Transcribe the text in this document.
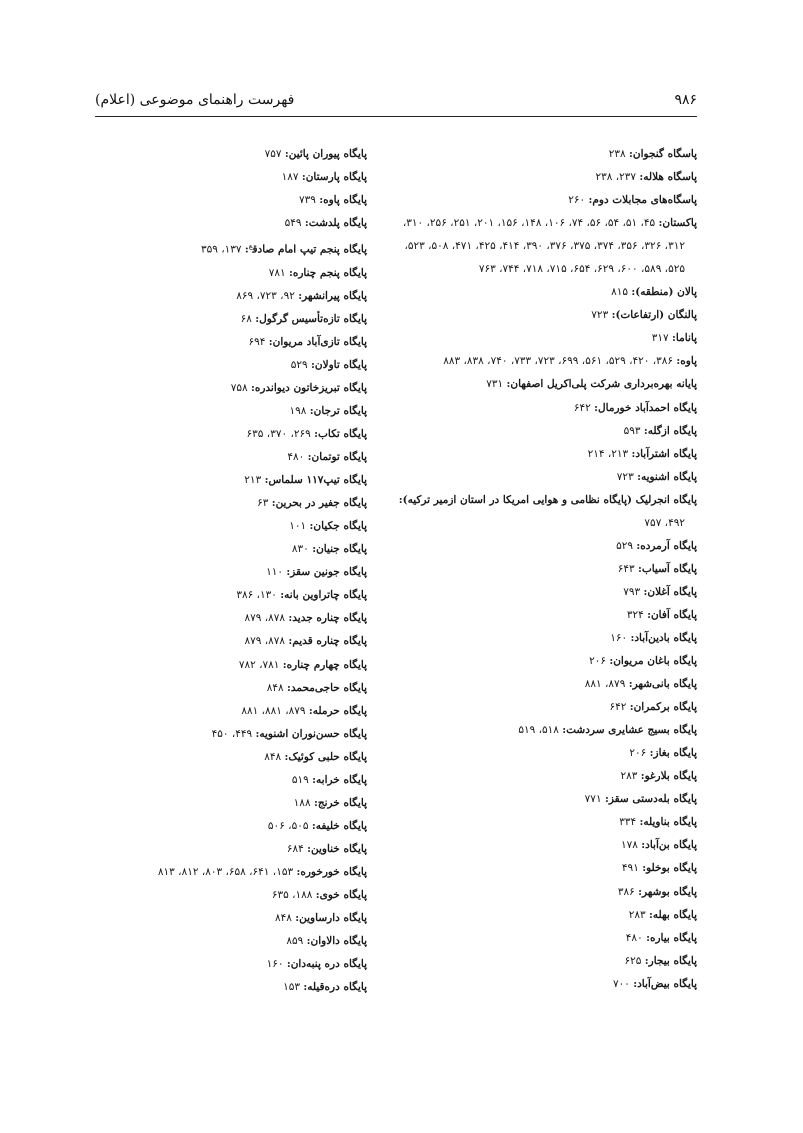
۹۸۶
فهرست راهنمای موضوعی (اعلام)
پاسگاه گنجوان: ۲۳۸
پاسگاه هلاله: ۲۳۷، ۲۳۸
پاسگاه‌های مجابلات دوم: ۲۶۰
پاکستان: ۴۵، ۵۱، ۵۴، ۵۶، ۷۴، ۱۰۶، ۱۴۸، ۱۵۶، ۲۰۱، ۲۵۱، ۲۵۶، ۳۱۰،
۳۱۲، ۳۲۶، ۳۵۶، ۳۷۴، ۳۷۵، ۳۷۶، ۳۹۰، ۴۱۴، ۴۲۵، ۴۷۱، ۵۰۸، ۵۲۳،
۵۲۵، ۵۸۹، ۶۰۰، ۶۲۹، ۶۵۴، ۷۱۵، ۷۱۸، ۷۴۴، ۷۶۳
پالان (منطقه): ۸۱۵
پالنگان (ارتفاعات): ۷۲۳
پاناما: ۳۱۷
پاوه: ۳۸۶، ۴۲۰، ۵۲۹، ۵۶۱، ۶۹۹، ۷۲۳، ۷۳۳، ۷۴۰، ۸۳۸، ۸۸۳
پایانه بهره‌برداری شرکت پلی‌اکریل اصفهان: ۷۳۱
پایگاه احمدآباد خورمال: ۶۴۲
پایگاه ازگله: ۵۹۳
پایگاه اشترآباد: ۲۱۳، ۲۱۴
پایگاه اشنویه: ۷۲۳
پایگاه انجرلیک (پایگاه نظامی و هوایی امریکا در استان ازمیر ترکیه):
۴۹۲، ۷۵۷
پایگاه آرمرده: ۵۲۹
پایگاه آسیاب: ۶۴۳
پایگاه آغلان: ۷۹۳
پایگاه آفان: ۳۲۴
پایگاه بادین‌آباد: ۱۶۰
پایگاه باغان مریوان: ۲۰۶
پایگاه بانی‌شهر: ۸۷۹، ۸۸۱
پایگاه برکمران: ۶۴۲
پایگاه بسیج عشایری سردشت: ۵۱۸، ۵۱۹
پایگاه بغاز: ۲۰۶
پایگاه بلارغو: ۲۸۳
پایگاه بله‌دستی سقز: ۷۷۱
پایگاه بناویله: ۳۳۴
پایگاه بن‌آباد: ۱۷۸
پایگاه بوخلو: ۴۹۱
پایگاه بوشهر: ۳۸۶
پایگاه بهله: ۲۸۳
پایگاه بیاره: ۴۸۰
پایگاه بیجار: ۶۲۵
پایگاه بیض‌آباد: ۷۰۰
پایگاه پیوران پائین: ۷۵۷
پایگاه پارستان: ۱۸۷
پایگاه پاوه: ۷۳۹
پایگاه پلدشت: ۵۴۹
پایگاه پنجم تیپ امام صادق$^ع$: ۱۳۷، ۳۵۹
پایگاه پنجم چناره: ۷۸۱
پایگاه پیرانشهر: ۹۲، ۷۲۳، ۸۶۹
پایگاه تازه‌تأسیس گرگول: ۶۸
پایگاه تازی‌آباد مریوان: ۶۹۴
پایگاه تاولان: ۵۲۹
پایگاه تبریزخاتون دیواندره: ۷۵۸
پایگاه ترجان: ۱۹۸
پایگاه تکاب: ۲۶۹، ۳۷۰، ۶۳۵
پایگاه توتمان: ۴۸۰
پایگاه تیپ۱۱۷ سلماس: ۲۱۳
پایگاه جفیر در بحرین: ۶۳
پایگاه جکیان: ۱۰۱
پایگاه جنیان: ۸۳۰
پایگاه جونین سقز: ۱۱۰
پایگاه چاتراوین بانه: ۱۳۰، ۳۸۶
پایگاه چناره جدید: ۸۷۸، ۸۷۹
پایگاه چناره قدیم: ۸۷۸، ۸۷۹
پایگاه چهارم چناره: ۷۸۱، ۷۸۲
پایگاه حاجی‌محمد: ۸۴۸
پایگاه حرمله: ۸۷۹، ۸۸۱، ۸۸۱
پایگاه حسن‌نوران اشنویه: ۴۴۹، ۴۵۰
پایگاه حلبی کوئیک: ۸۴۸
پایگاه خرابه: ۵۱۹
پایگاه خرنج: ۱۸۸
پایگاه خلیفه: ۵۰۵، ۵۰۶
پایگاه خناوین: ۶۸۴
پایگاه خورخوره: ۱۵۳، ۶۴۱، ۶۵۸، ۸۰۳، ۸۱۲، ۸۱۳
پایگاه خوی: ۱۸۸، ۶۳۵
پایگاه دارساوین: ۸۴۸
پایگاه دالاوان: ۸۵۹
پایگاه دره پنبه‌دان: ۱۶۰
پایگاه دره‌قیله: ۱۵۳
